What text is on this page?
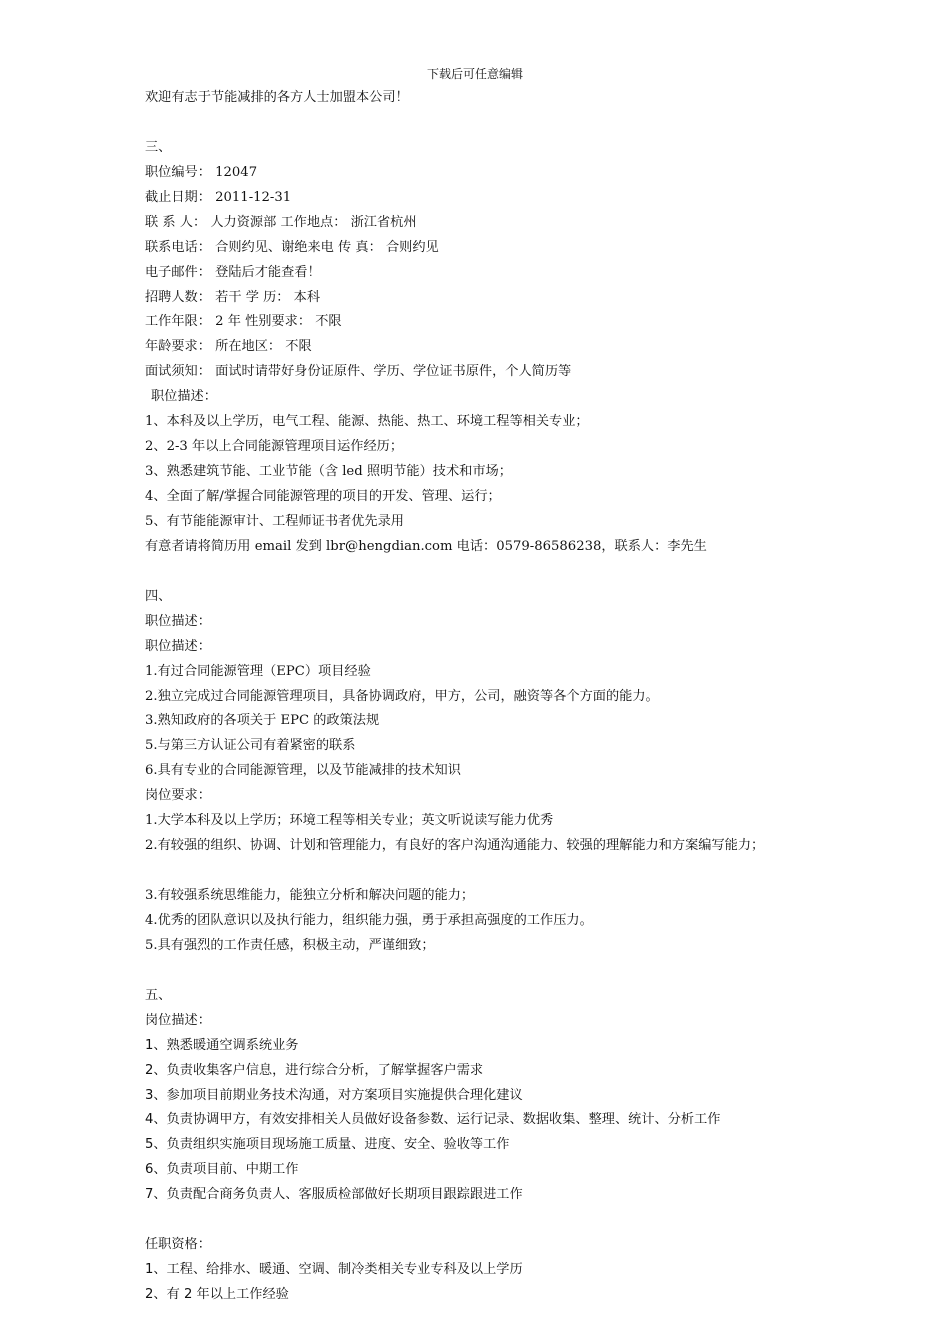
下载后可任意编辑
欢迎有志于节能减排的各方人士加盟本公司！
三、
职位编号： 12047
截止日期： 2011-12-31
联 系 人： 人力资源部 工作地点： 浙江省杭州
联系电话： 合则约见、谢绝来电 传 真： 合则约见
电子邮件： 登陆后才能查看！
招聘人数： 若干 学 历： 本科
工作年限： 2 年 性别要求： 不限
年龄要求： 所在地区： 不限
面试须知： 面试时请带好身份证原件、学历、学位证书原件，个人简历等
职位描述：
1、本科及以上学历，电气工程、能源、热能、热工、环境工程等相关专业；
2、2-3 年以上合同能源管理项目运作经历；
3、熟悉建筑节能、工业节能（含 led 照明节能）技术和市场；
4、全面了解/掌握合同能源管理的项目的开发、管理、运行；
5、有节能能源审计、工程师证书者优先录用
有意者请将简历用 email 发到 lbr@hengdian.com 电话：0579-86586238，联系人：李先生
四、
职位描述：
职位描述：
1.有过合同能源管理（EPC）项目经验
2.独立完成过合同能源管理项目，具备协调政府，甲方，公司，融资等各个方面的能力。
3.熟知政府的各项关于 EPC 的政策法规
5.与第三方认证公司有着紧密的联系
6.具有专业的合同能源管理，以及节能减排的技术知识
岗位要求：
1.大学本科及以上学历；环境工程等相关专业；英文听说读写能力优秀
2.有较强的组织、协调、计划和管理能力，有良好的客户沟通沟通能力、较强的理解能力和方案编写能力；
3.有较强系统思维能力，能独立分析和解决问题的能力；
4.优秀的团队意识以及执行能力，组织能力强，勇于承担高强度的工作压力。
5.具有强烈的工作责任感，积极主动，严谨细致；
五、
岗位描述：
1、熟悉暖通空调系统业务
2、负责收集客户信息，进行综合分析，了解掌握客户需求
3、参加项目前期业务技术沟通，对方案项目实施提供合理化建议
4、负责协调甲方，有效安排相关人员做好设备参数、运行记录、数据收集、整理、统计、分析工作
5、负责组织实施项目现场施工质量、进度、安全、验收等工作
6、负责项目前、中期工作
7、负责配合商务负责人、客服质检部做好长期项目跟踪跟进工作
任职资格：
1、工程、给排水、暖通、空调、制冷类相关专业专科及以上学历
2、有 2 年以上工作经验
